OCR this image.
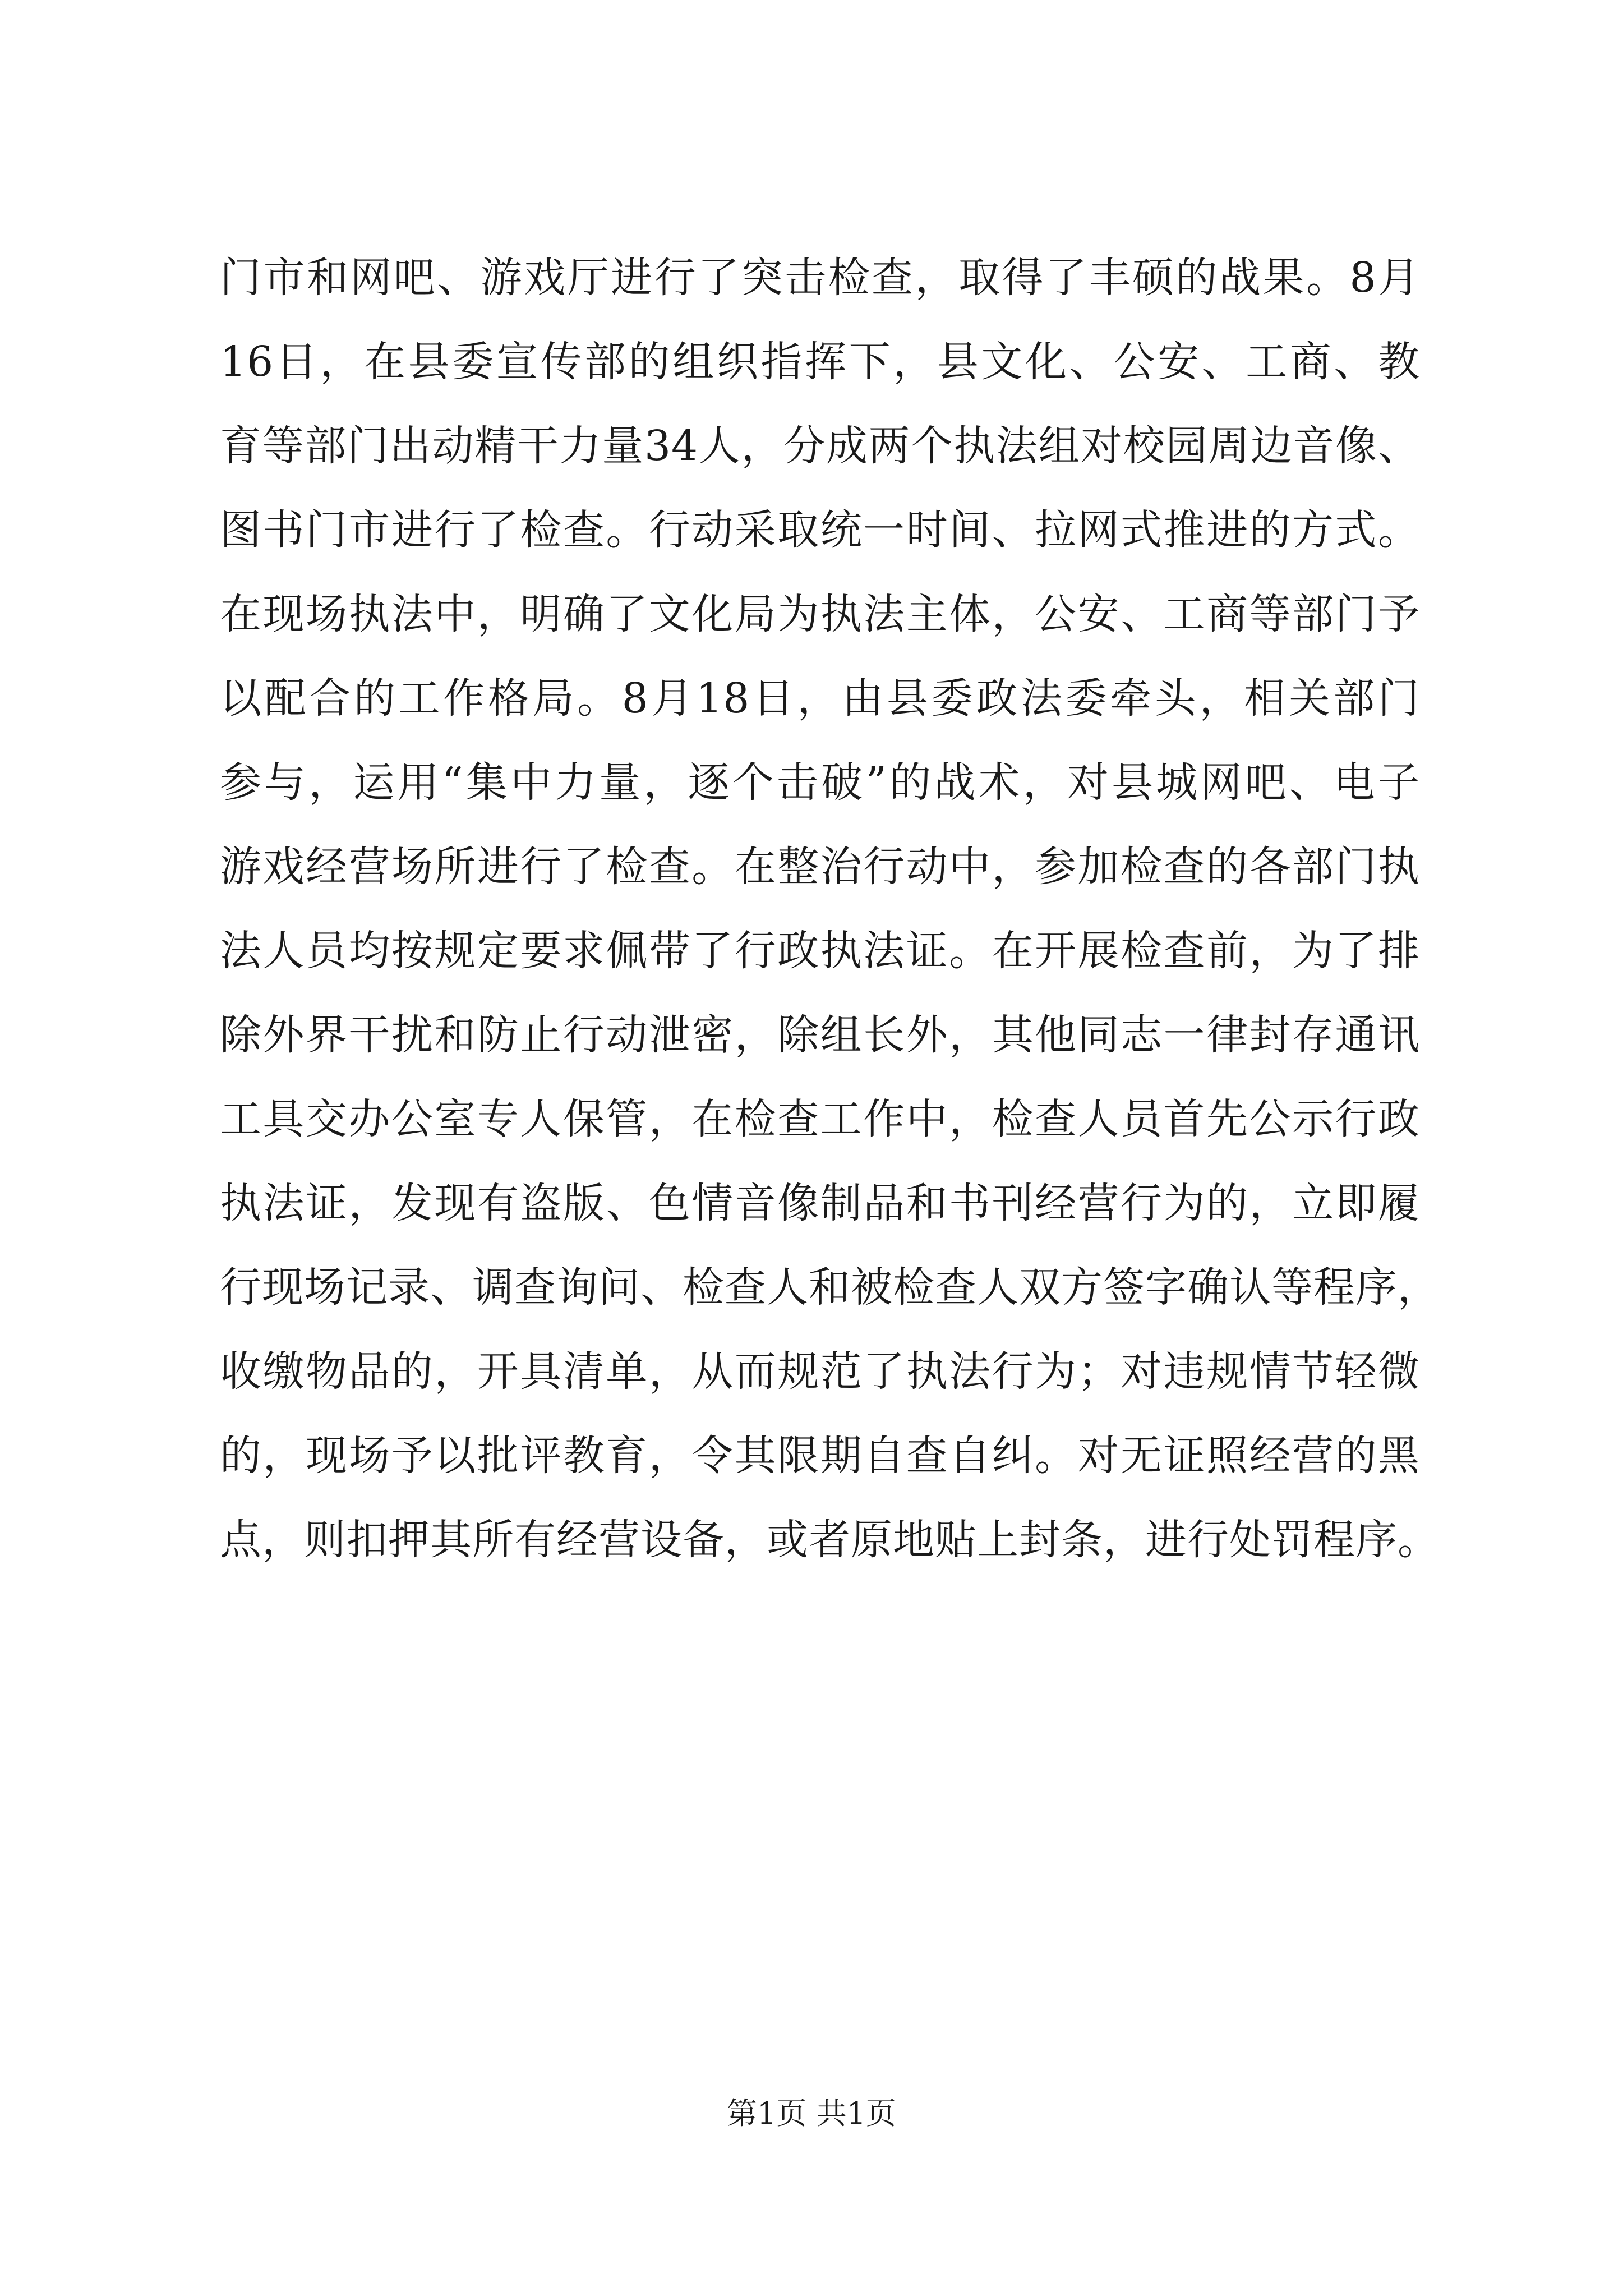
门市和网吧、游戏厅进行了突击检查，取得了丰硕的战果。8月
16日，在县委宣传部的组织指挥下，县文化、公安、工商、教
育等部门出动精干力量34人，分成两个执法组对校园周边音像、
图书门市进行了检查。行动采取统一时间、拉网式推进的方式。
在现场执法中，明确了文化局为执法主体，公安、工商等部门予
以配合的工作格局。8月18日，由县委政法委牵头，相关部门
参与，运用“集中力量，逐个击破”的战术，对县城网吧、电子
游戏经营场所进行了检查。在整治行动中，参加检查的各部门执
法人员均按规定要求佩带了行政执法证。在开展检查前，为了排
除外界干扰和防止行动泄密，除组长外，其他同志一律封存通讯
工具交办公室专人保管，在检查工作中，检查人员首先公示行政
执法证，发现有盗版、色情音像制品和书刊经营行为的，立即履
行现场记录、调查询问、检查人和被检查人双方签字确认等程序，
收缴物品的，开具清单，从而规范了执法行为；对违规情节轻微
的，现场予以批评教育，令其限期自查自纠。对无证照经营的黑
点，则扣押其所有经营设备，或者原地贴上封条，进行处罚程序。
第1页 共1页
